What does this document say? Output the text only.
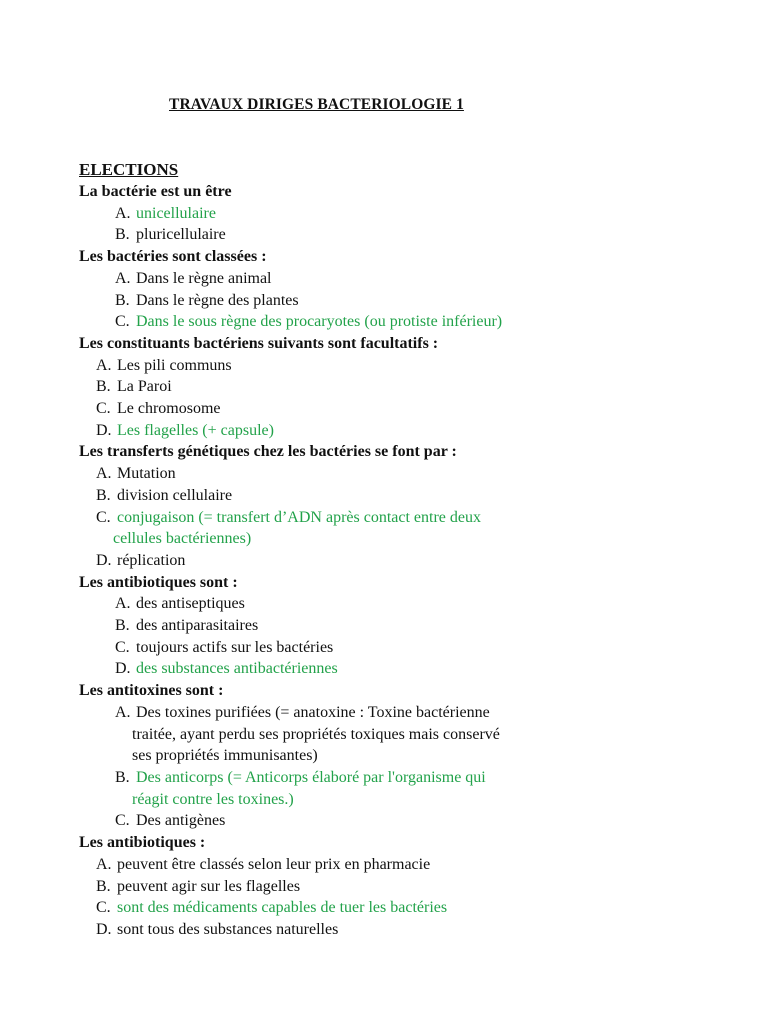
TRAVAUX DIRIGES BACTERIOLOGIE 1
ELECTIONS
La bactérie est un être
A. unicellulaire
B. pluricellulaire
Les bactéries sont classées :
A. Dans le règne animal
B. Dans le règne des plantes
C. Dans le sous règne des procaryotes (ou protiste inférieur)
Les constituants bactériens suivants sont facultatifs :
A. Les pili communs
B. La Paroi
C. Le chromosome
D. Les flagelles (+ capsule)
Les transferts génétiques chez les bactéries se font par :
A. Mutation
B. division cellulaire
C. conjugaison (= transfert d’ADN après contact entre deux
cellules bactériennes)
D. réplication
Les antibiotiques sont :
A. des antiseptiques
B. des antiparasitaires
C. toujours actifs sur les bactéries
D. des substances antibactériennes
Les antitoxines sont :
A. Des toxines purifiées (= anatoxine : Toxine bactérienne
traitée, ayant perdu ses propriétés toxiques mais conservé
ses propriétés immunisantes)
B. Des anticorps (= Anticorps élaboré par l'organisme qui
réagit contre les toxines.)
C. Des antigènes
Les antibiotiques :
A. peuvent être classés selon leur prix en pharmacie
B. peuvent agir sur les flagelles
C. sont des médicaments capables de tuer les bactéries
D. sont tous des substances naturelles
